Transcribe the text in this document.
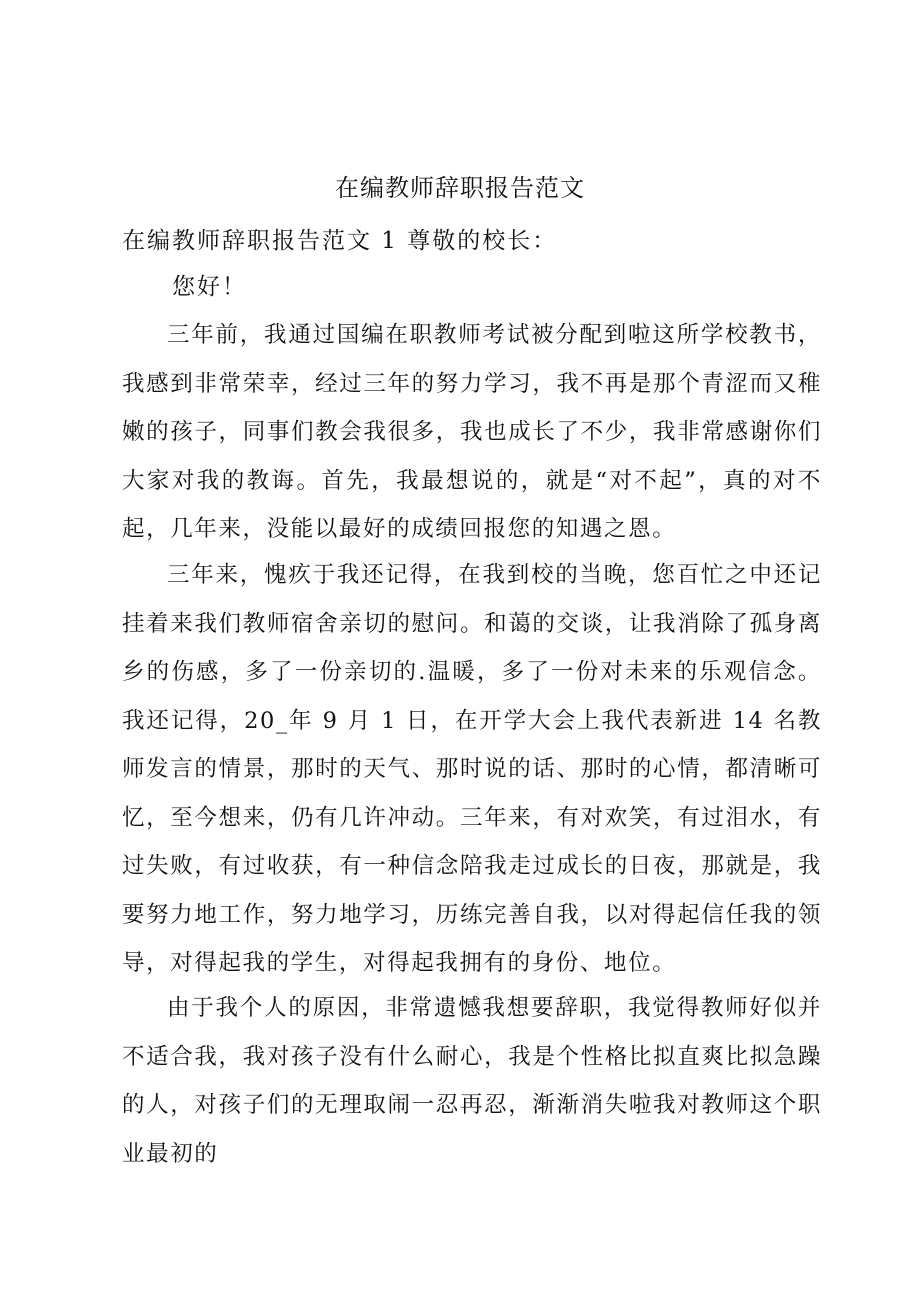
在编教师辞职报告范文
在编教师辞职报告范文 1 尊敬的校长：
您好！

三年前，我通过国编在职教师考试被分配到啦这所学校教书，我感到非常荣幸，经过三年的努力学习，我不再是那个青涩而又稚嫩的孩子，同事们教会我很多，我也成长了不少，我非常感谢你们大家对我的教诲。首先，我最想说的，就是“对不起”，真的对不起，几年来，没能以最好的成绩回报您的知遇之恩。

三年来，愧疚于我还记得，在我到校的当晚，您百忙之中还记挂着来我们教师宿舍亲切的慰问。和蔼的交谈，让我消除了孤身离乡的伤感，多了一份亲切的.温暖，多了一份对未来的乐观信念。我还记得，20_年 9 月 1 日，在开学大会上我代表新进 14 名教师发言的情景，那时的天气、那时说的话、那时的心情，都清晰可忆，至今想来，仍有几许冲动。三年来，有对欢笑，有过泪水，有过失败，有过收获，有一种信念陪我走过成长的日夜，那就是，我要努力地工作，努力地学习，历练完善自我，以对得起信任我的领导，对得起我的学生，对得起我拥有的身份、地位。

由于我个人的原因，非常遗憾我想要辞职，我觉得教师好似并不适合我，我对孩子没有什么耐心，我是个性格比拟直爽比拟急躁的人，对孩子们的无理取闹一忍再忍，渐渐消失啦我对教师这个职业最初的
